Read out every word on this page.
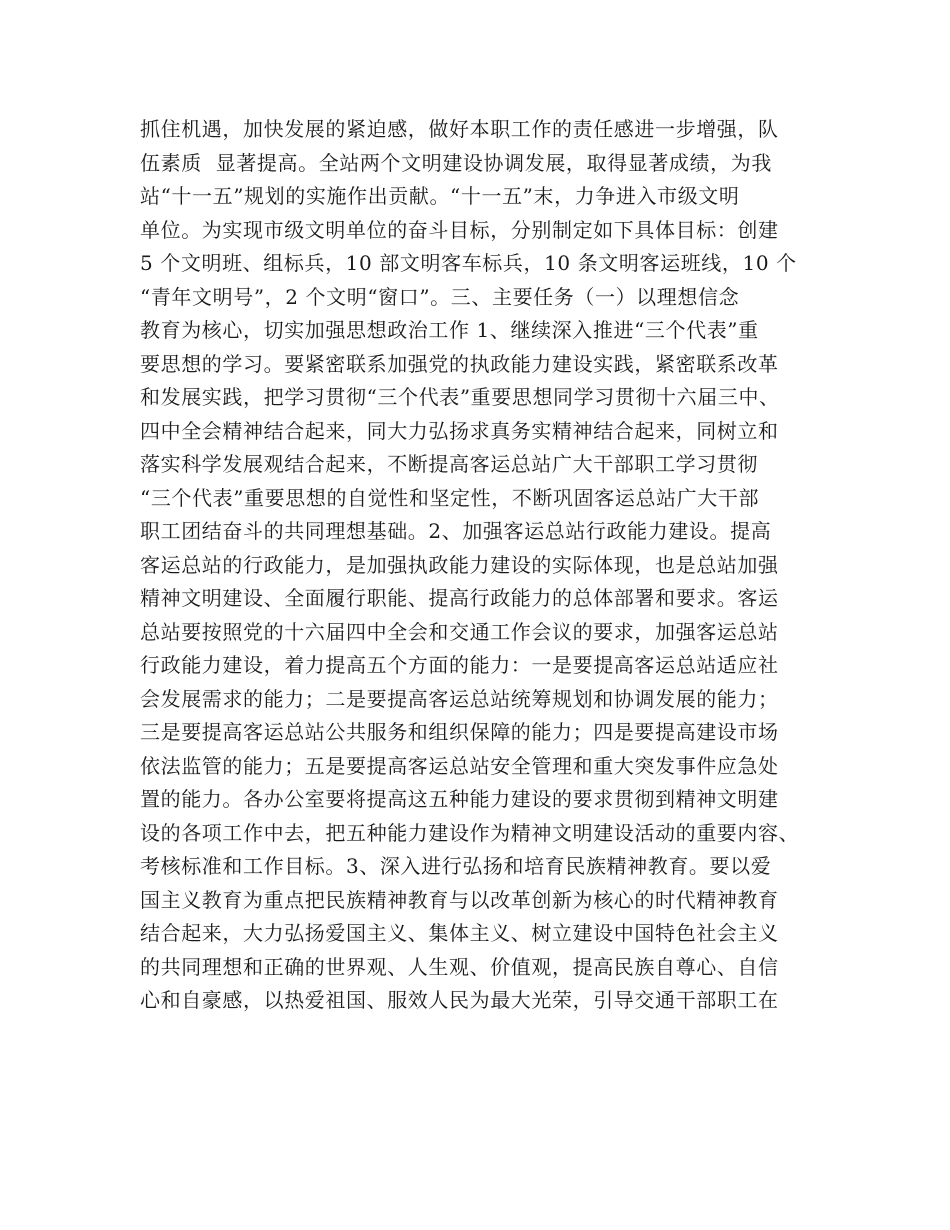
抓住机遇，加快发展的紧迫感，做好本职工作的责任感进一步增强，队
伍素质  显著提高。全站两个文明建设协调发展，取得显著成绩，为我
站“十一五”规划的实施作出贡献。“十一五”末，力争进入市级文明
单位。为实现市级文明单位的奋斗目标，分别制定如下具体目标：创建
5 个文明班、组标兵，10 部文明客车标兵，10 条文明客运班线，10 个
“青年文明号”，2 个文明“窗口”。三、主要任务（一）以理想信念
教育为核心，切实加强思想政治工作 1、继续深入推进“三个代表”重
要思想的学习。要紧密联系加强党的执政能力建设实践，紧密联系改革
和发展实践，把学习贯彻“三个代表”重要思想同学习贯彻十六届三中、
四中全会精神结合起来，同大力弘扬求真务实精神结合起来，同树立和
落实科学发展观结合起来，不断提高客运总站广大干部职工学习贯彻
“三个代表”重要思想的自觉性和坚定性，不断巩固客运总站广大干部
职工团结奋斗的共同理想基础。2、加强客运总站行政能力建设。提高
客运总站的行政能力，是加强执政能力建设的实际体现，也是总站加强
精神文明建设、全面履行职能、提高行政能力的总体部署和要求。客运
总站要按照党的十六届四中全会和交通工作会议的要求，加强客运总站
行政能力建设，着力提高五个方面的能力：一是要提高客运总站适应社
会发展需求的能力；二是要提高客运总站统筹规划和协调发展的能力；
三是要提高客运总站公共服务和组织保障的能力；四是要提高建设市场
依法监管的能力；五是要提高客运总站安全管理和重大突发事件应急处
置的能力。各办公室要将提高这五种能力建设的要求贯彻到精神文明建
设的各项工作中去，把五种能力建设作为精神文明建设活动的重要内容、
考核标准和工作目标。3、深入进行弘扬和培育民族精神教育。要以爱
国主义教育为重点把民族精神教育与以改革创新为核心的时代精神教育
结合起来，大力弘扬爱国主义、集体主义、树立建设中国特色社会主义
的共同理想和正确的世界观、人生观、价值观，提高民族自尊心、自信
心和自豪感，以热爱祖国、服效人民为最大光荣，引导交通干部职工在
